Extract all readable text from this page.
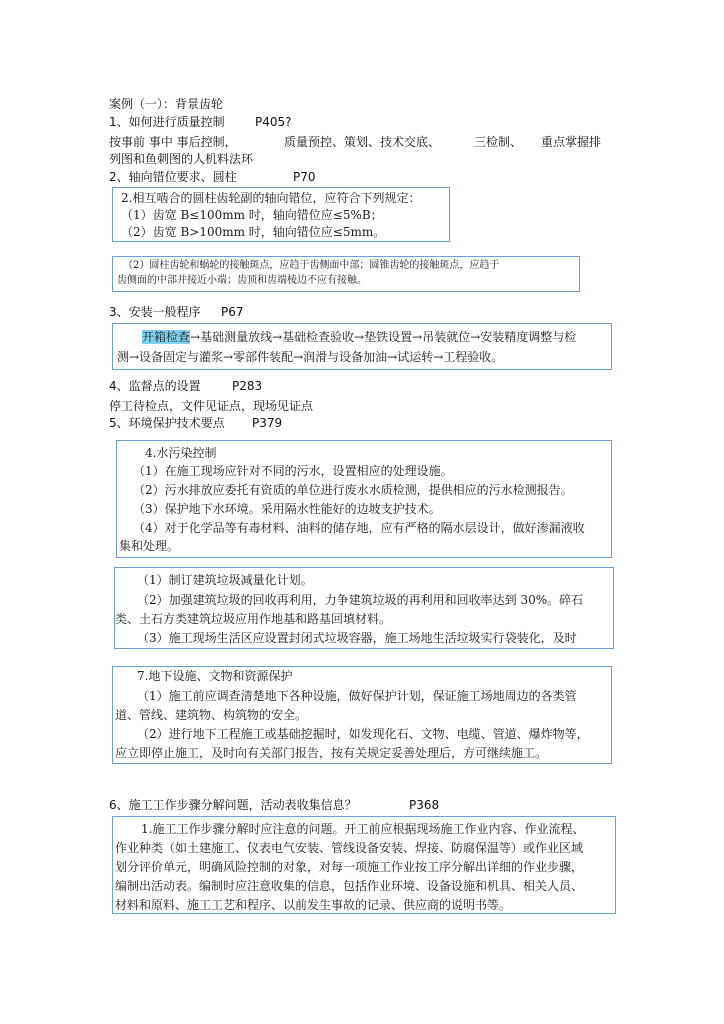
案例（一）：背景齿轮
1、如何进行质量控制	P405?
按事前 事中 事后控制，	质量预控、策划、技术交底、	三检制、 重点掌握排
列图和鱼刺图的人机料法环
2、轴向错位要求、圆柱	P70
2.相互啮合的圆柱齿轮副的轴向错位，应符合下列规定：
（1）齿宽 B≤100mm 时，轴向错位应≤5%B；
（2）齿宽 B>100mm 时，轴向错位应≤5mm。
（2）圆柱齿轮和蜗轮的接触斑点，应趋于齿侧面中部；圆锥齿轮的接触斑点，应趋于
齿侧面的中部并接近小端；齿顶和齿端棱边不应有接触。
3、安装一般程序 P67
开箱检查→基础测量放线→基础检查验收→垫铁设置→吊装就位→安装精度调整与检
测→设备固定与灌浆→零部件装配→润滑与设备加油→试运转→工程验收。
4、监督点的设置	P283
停工待检点，文件见证点，现场见证点
5、环境保护技术要点 P379
4.水污染控制
（1）在施工现场应针对不同的污水，设置相应的处理设施。
（2）污水排放应委托有资质的单位进行废水水质检测，提供相应的污水检测报告。
（3）保护地下水环境。采用隔水性能好的边坡支护技术。
（4）对于化学品等有毒材料、油料的储存地，应有严格的隔水层设计，做好渗漏液收
集和处理。
（1）制订建筑垃圾减量化计划。
（2）加强建筑垃圾的回收再利用，力争建筑垃圾的再利用和回收率达到 30%。碎石
类、土石方类建筑垃圾应用作地基和路基回填材料。
（3）施工现场生活区应设置封闭式垃圾容器，施工场地生活垃圾实行袋装化，及时
7.地下设施、文物和资源保护
（1）施工前应调查清楚地下各种设施，做好保护计划，保证施工场地周边的各类管
道、管线、建筑物、构筑物的安全。
（2）进行地下工程施工或基础挖掘时，如发现化石、文物、电缆、管道、爆炸物等，
应立即停止施工，及时向有关部门报告，按有关规定妥善处理后，方可继续施工。
6、施工工作步骤分解问题，活动表收集信息？	P368
1.施工工作步骤分解时应注意的问题。开工前应根据现场施工作业内容、作业流程、
作业种类（如土建施工、仪表电气安装、管线设备安装、焊接、防腐保温等）或作业区域
划分评价单元，明确风险控制的对象，对每一项施工作业按工序分解出详细的作业步骤，
编制出活动表。编制时应注意收集的信息，包括作业环境、设备设施和机具、相关人员、
材料和原料、施工工艺和程序、以前发生事故的记录、供应商的说明书等。
